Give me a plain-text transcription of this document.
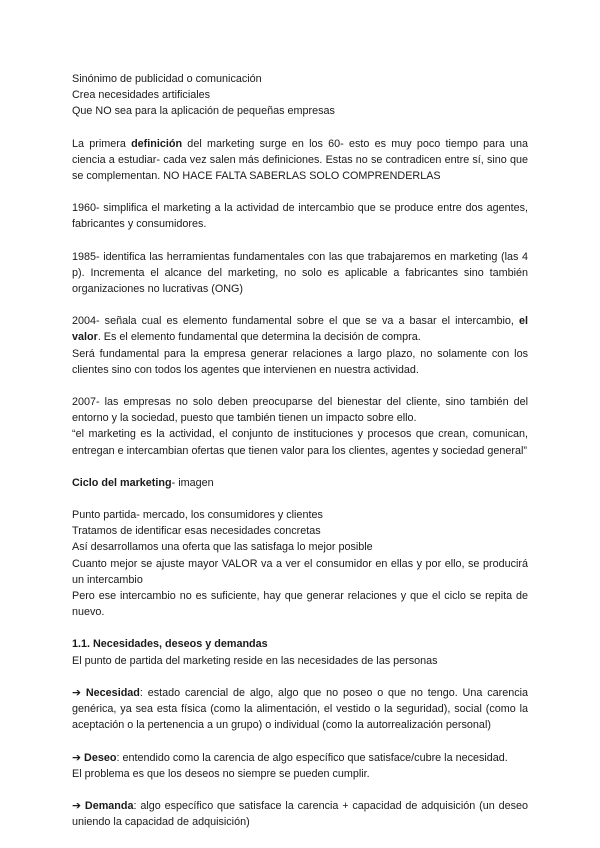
Sinónimo de publicidad o comunicación
Crea necesidades artificiales
Que NO sea para la aplicación de pequeñas empresas

La primera definición del marketing surge en los 60- esto es muy poco tiempo para una ciencia a estudiar- cada vez salen más definiciones. Estas no se contradicen entre sí, sino que se complementan. NO HACE FALTA SABERLAS SOLO COMPRENDERLAS

1960- simplifica el marketing a la actividad de intercambio que se produce entre dos agentes, fabricantes y consumidores.

1985- identifica las herramientas fundamentales con las que trabajaremos en marketing (las 4 p). Incrementa el alcance del marketing, no solo es aplicable a fabricantes sino también organizaciones no lucrativas (ONG)

2004- señala cual es elemento fundamental sobre el que se va a basar el intercambio, el valor. Es el elemento fundamental que determina la decisión de compra.

Será fundamental para la empresa generar relaciones a largo plazo, no solamente con los clientes sino con todos los agentes que intervienen en nuestra actividad.

2007- las empresas no solo deben preocuparse del bienestar del cliente, sino también del entorno y la sociedad, puesto que también tienen un impacto sobre ello.

“el marketing es la actividad, el conjunto de instituciones y procesos que crean, comunican, entregan e intercambian ofertas que tienen valor para los clientes, agentes y sociedad general”

Ciclo del marketing- imagen

Punto partida- mercado, los consumidores y clientes
Tratamos de identificar esas necesidades concretas
Así desarrollamos una oferta que las satisfaga lo mejor posible

Cuanto mejor se ajuste mayor VALOR va a ver el consumidor en ellas y por ello, se producirá un intercambio

Pero ese intercambio no es suficiente, hay que generar relaciones y que el ciclo se repita de nuevo.

1.1. Necesidades, deseos y demandas

El punto de partida del marketing reside en las necesidades de las personas

➔ Necesidad: estado carencial de algo, algo que no poseo o que no tengo. Una carencia genérica, ya sea esta física (como la alimentación, el vestido o la seguridad), social (como la aceptación o la pertenencia a un grupo) o individual (como la autorrealización personal)

➔ Deseo: entendido como la carencia de algo específico que satisface/cubre la necesidad.

El problema es que los deseos no siempre se pueden cumplir.

➔ Demanda: algo específico que satisface la carencia + capacidad de adquisición (un deseo uniendo la capacidad de adquisición)
